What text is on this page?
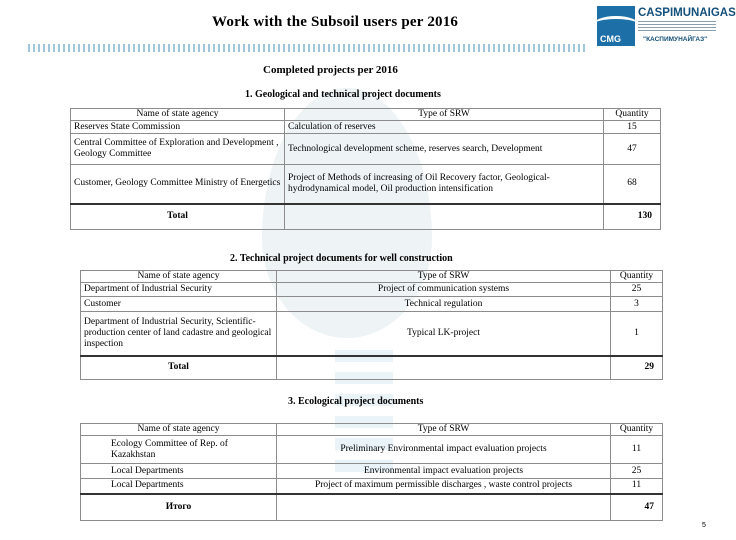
Work with the Subsoil users per 2016
CMG
CASPIMUNAIGAS
"КАСПИМУНАЙГАЗ"
Completed projects per 2016
1. Geological and technical project documents
Name of state agency	Type of SRW	Quantity
Reserves State Commission	Calculation of reserves	15
Central Committee of Exploration and Development , Geology Committee	Technological development scheme, reserves search, Development	47
Customer, Geology Committee Ministry of Energetics	Project of Methods of increasing of Oil Recovery factor, Geological-hydrodynamical model, Oil production intensification	68
Total		130
2. Technical project documents for well construction
Name of state agency	Type of SRW	Quantity
Department of Industrial Security	Project of communication systems	25
Customer	Technical regulation	3
Department of Industrial Security, Scientific- production center of land cadastre and geological inspection	Typical LK-project	1
Total		29
3. Ecological project documents
Name of state agency	Type of SRW	Quantity
Ecology Committee of Rep. of Kazakhstan	Preliminary Environmental impact evaluation projects	11
Local Departments	Environmental impact evaluation projects	25
Local Departments	Project of maximum permissible discharges , waste control projects	11
Итого		47
5
